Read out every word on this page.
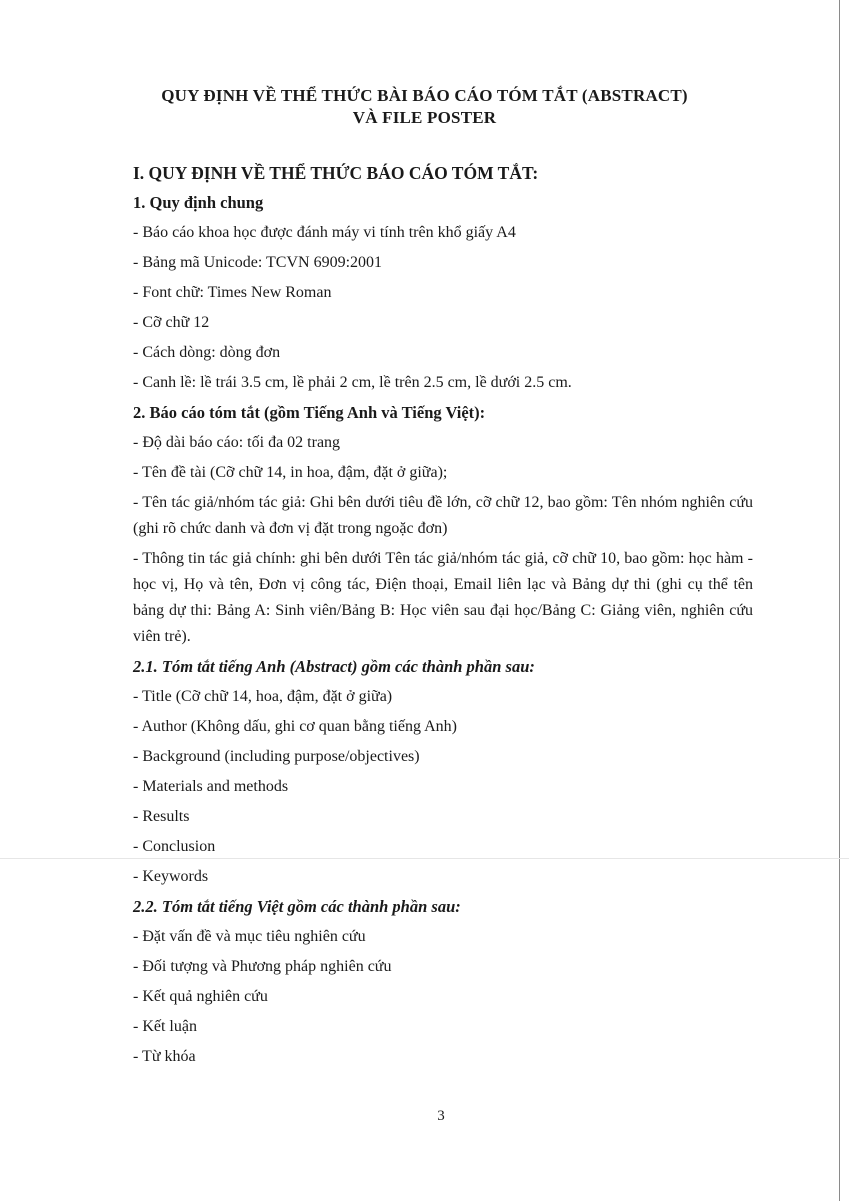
QUY ĐỊNH VỀ THỂ THỨC BÀI BÁO CÁO TÓM TẮT (ABSTRACT)
VÀ FILE POSTER

I. QUY ĐỊNH VỀ THỂ THỨC BÁO CÁO TÓM TẮT:

1. Quy định chung

- Báo cáo khoa học được đánh máy vi tính trên khổ giấy A4

- Bảng mã Unicode: TCVN 6909:2001

- Font chữ: Times New Roman

- Cỡ chữ 12

- Cách dòng: dòng đơn

- Canh lề: lề trái 3.5 cm, lề phải 2 cm, lề trên 2.5 cm, lề dưới 2.5 cm.

2. Báo cáo tóm tắt (gồm Tiếng Anh và Tiếng Việt):

- Độ dài báo cáo: tối đa 02 trang

- Tên đề tài (Cỡ chữ 14, in hoa, đậm, đặt ở giữa);

- Tên tác giả/nhóm tác giả: Ghi bên dưới tiêu đề lớn, cỡ chữ 12, bao gồm: Tên nhóm nghiên cứu (ghi rõ chức danh và đơn vị đặt trong ngoặc đơn)

- Thông tin tác giả chính: ghi bên dưới Tên tác giả/nhóm tác giả, cỡ chữ 10, bao gồm: học hàm - học vị, Họ và tên, Đơn vị công tác, Điện thoại, Email liên lạc và Bảng dự thi (ghi cụ thể tên bảng dự thi: Bảng A: Sinh viên/Bảng B: Học viên sau đại học/Bảng C: Giảng viên, nghiên cứu viên trẻ).

2.1. Tóm tắt tiếng Anh (Abstract) gồm các thành phần sau:

- Title (Cỡ chữ 14, hoa, đậm, đặt ở giữa)

- Author (Không dấu, ghi cơ quan bằng tiếng Anh)

- Background (including purpose/objectives)

- Materials and methods

- Results

- Conclusion

- Keywords

2.2. Tóm tắt tiếng Việt gồm các thành phần sau:

- Đặt vấn đề và mục tiêu nghiên cứu

- Đối tượng và Phương pháp nghiên cứu

- Kết quả nghiên cứu

- Kết luận

- Từ khóa

3
